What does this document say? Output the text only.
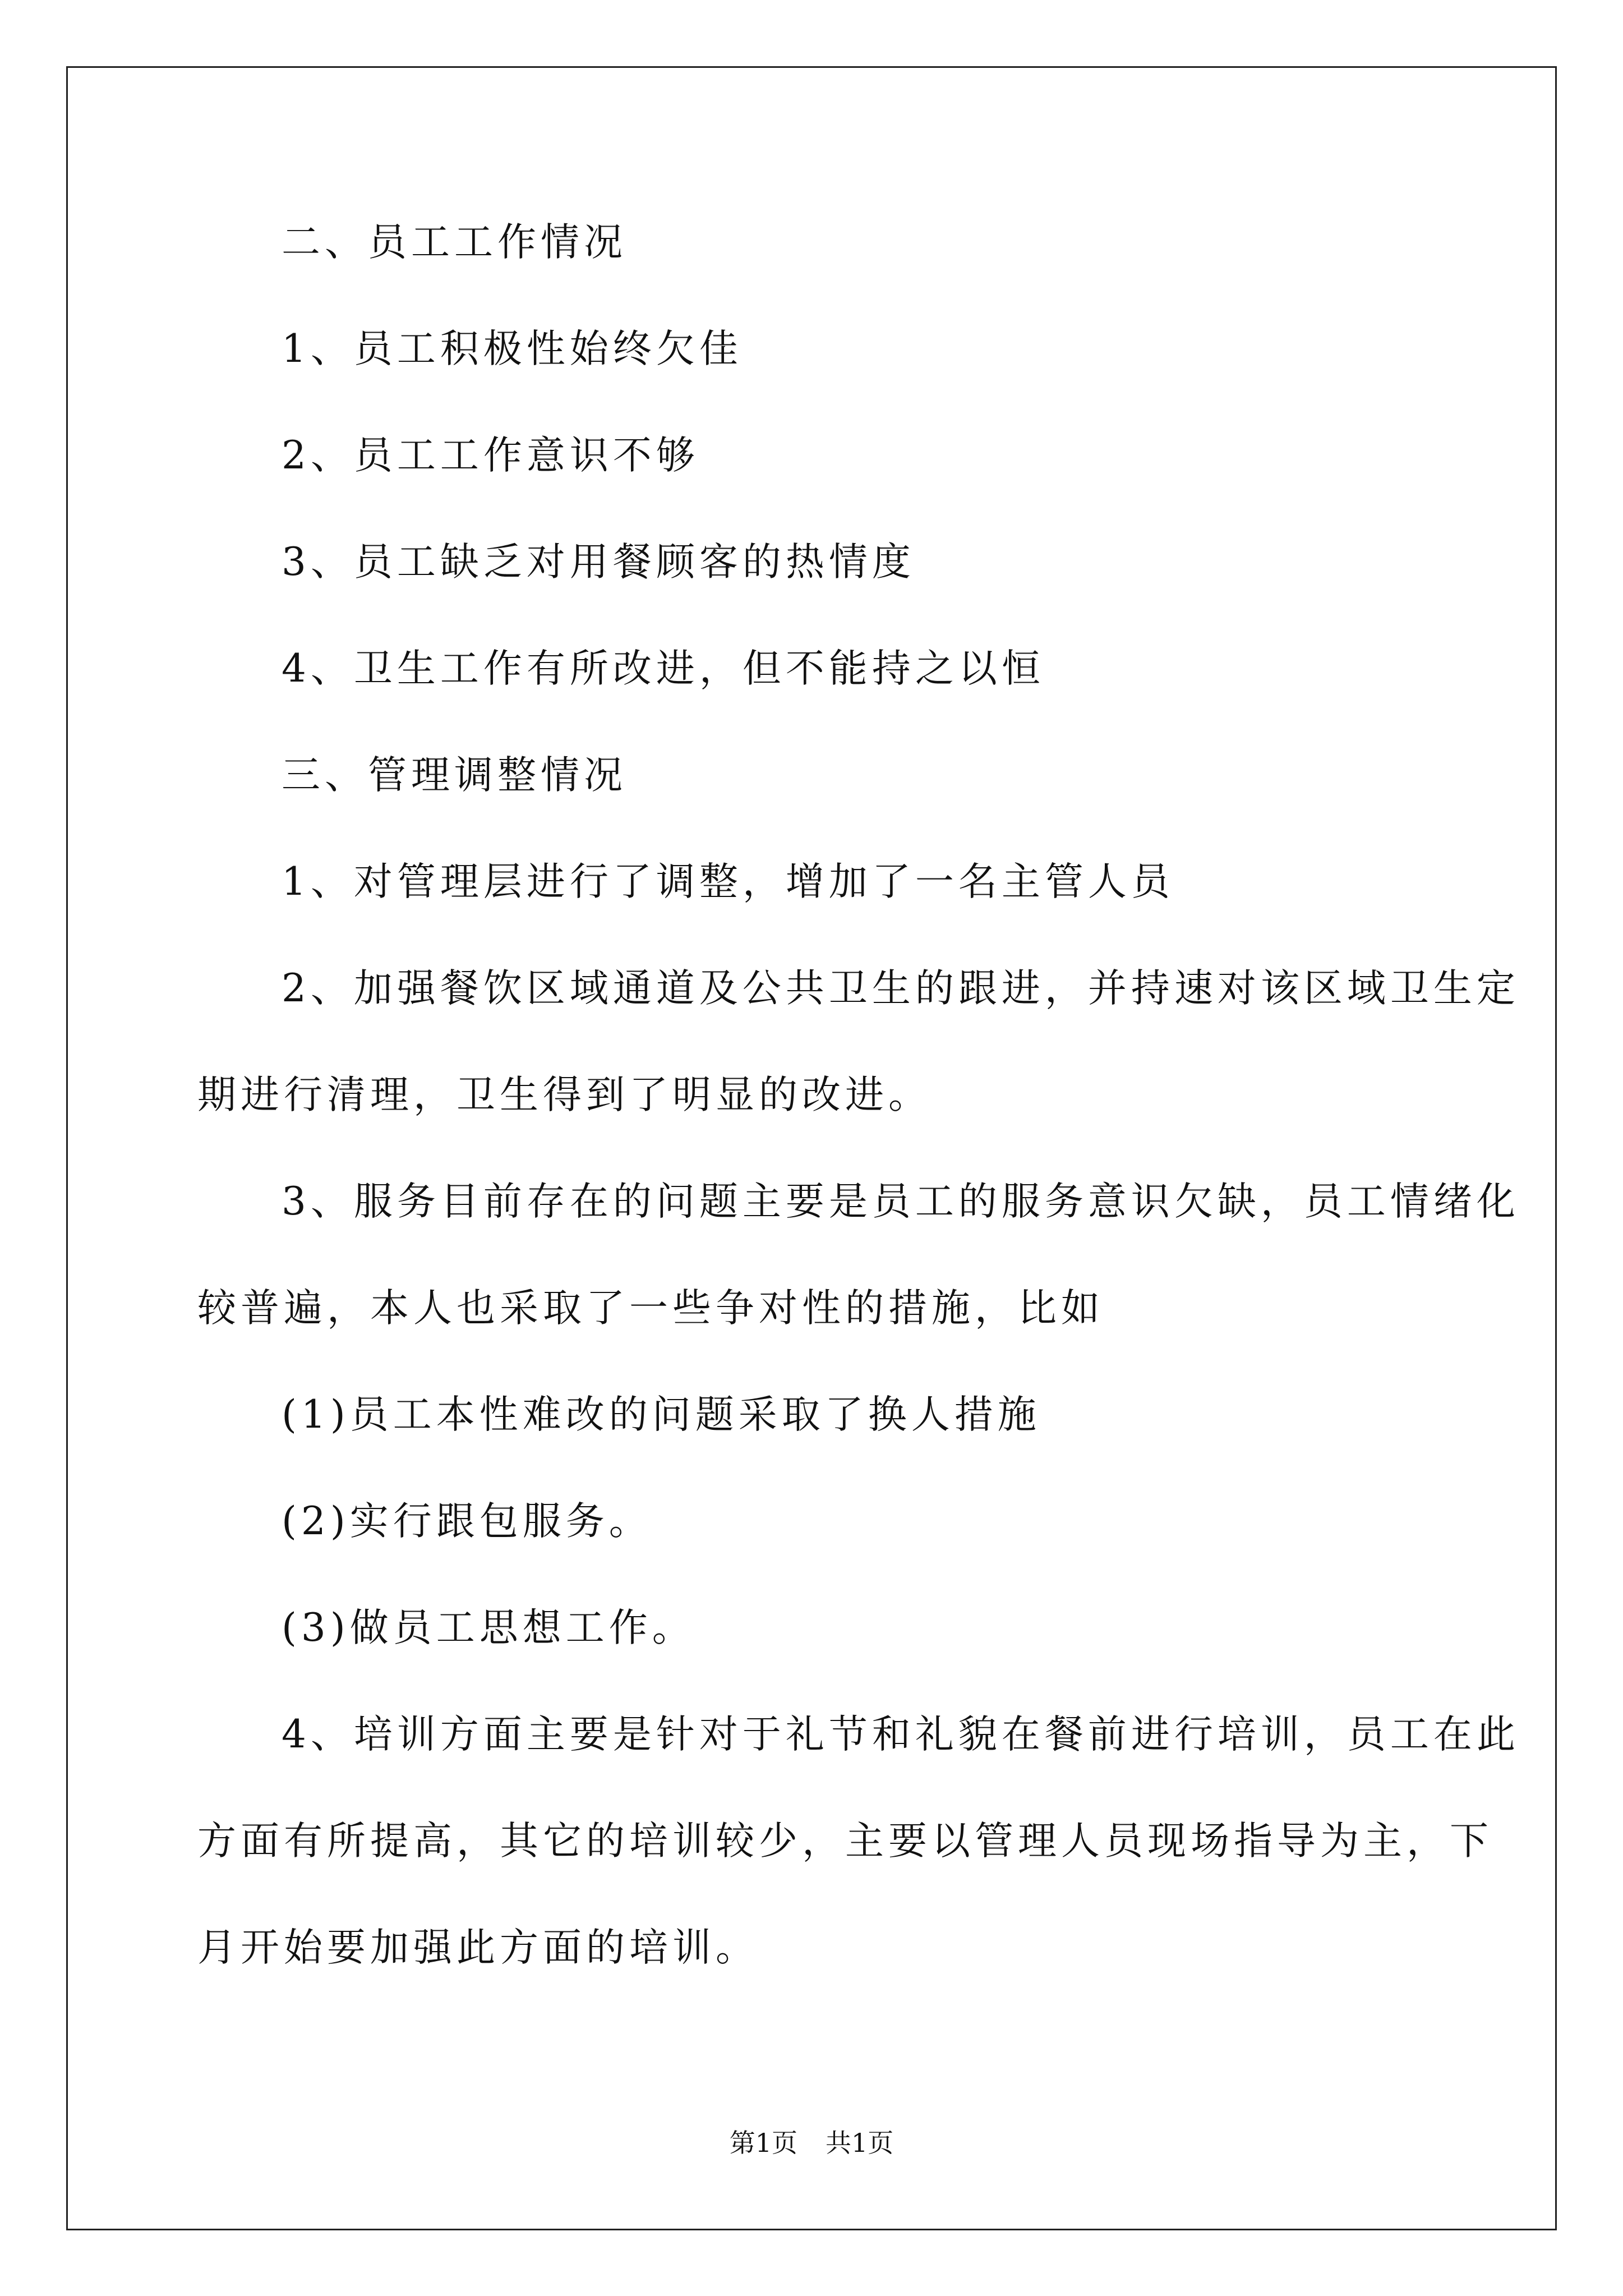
二、员工工作情况
1、员工积极性始终欠佳
2、员工工作意识不够
3、员工缺乏对用餐顾客的热情度
4、卫生工作有所改进，但不能持之以恒
三、管理调整情况
1、对管理层进行了调整，增加了一名主管人员
2、加强餐饮区域通道及公共卫生的跟进，并持速对该区域卫生定
期进行清理，卫生得到了明显的改进。
3、服务目前存在的问题主要是员工的服务意识欠缺，员工情绪化
较普遍，本人也采取了一些争对性的措施，比如
(1)员工本性难改的问题采取了换人措施
(2)实行跟包服务。
(3)做员工思想工作。
4、培训方面主要是针对于礼节和礼貌在餐前进行培训，员工在此
方面有所提高，其它的培训较少，主要以管理人员现场指导为主，下
月开始要加强此方面的培训。
第1页 共1页
